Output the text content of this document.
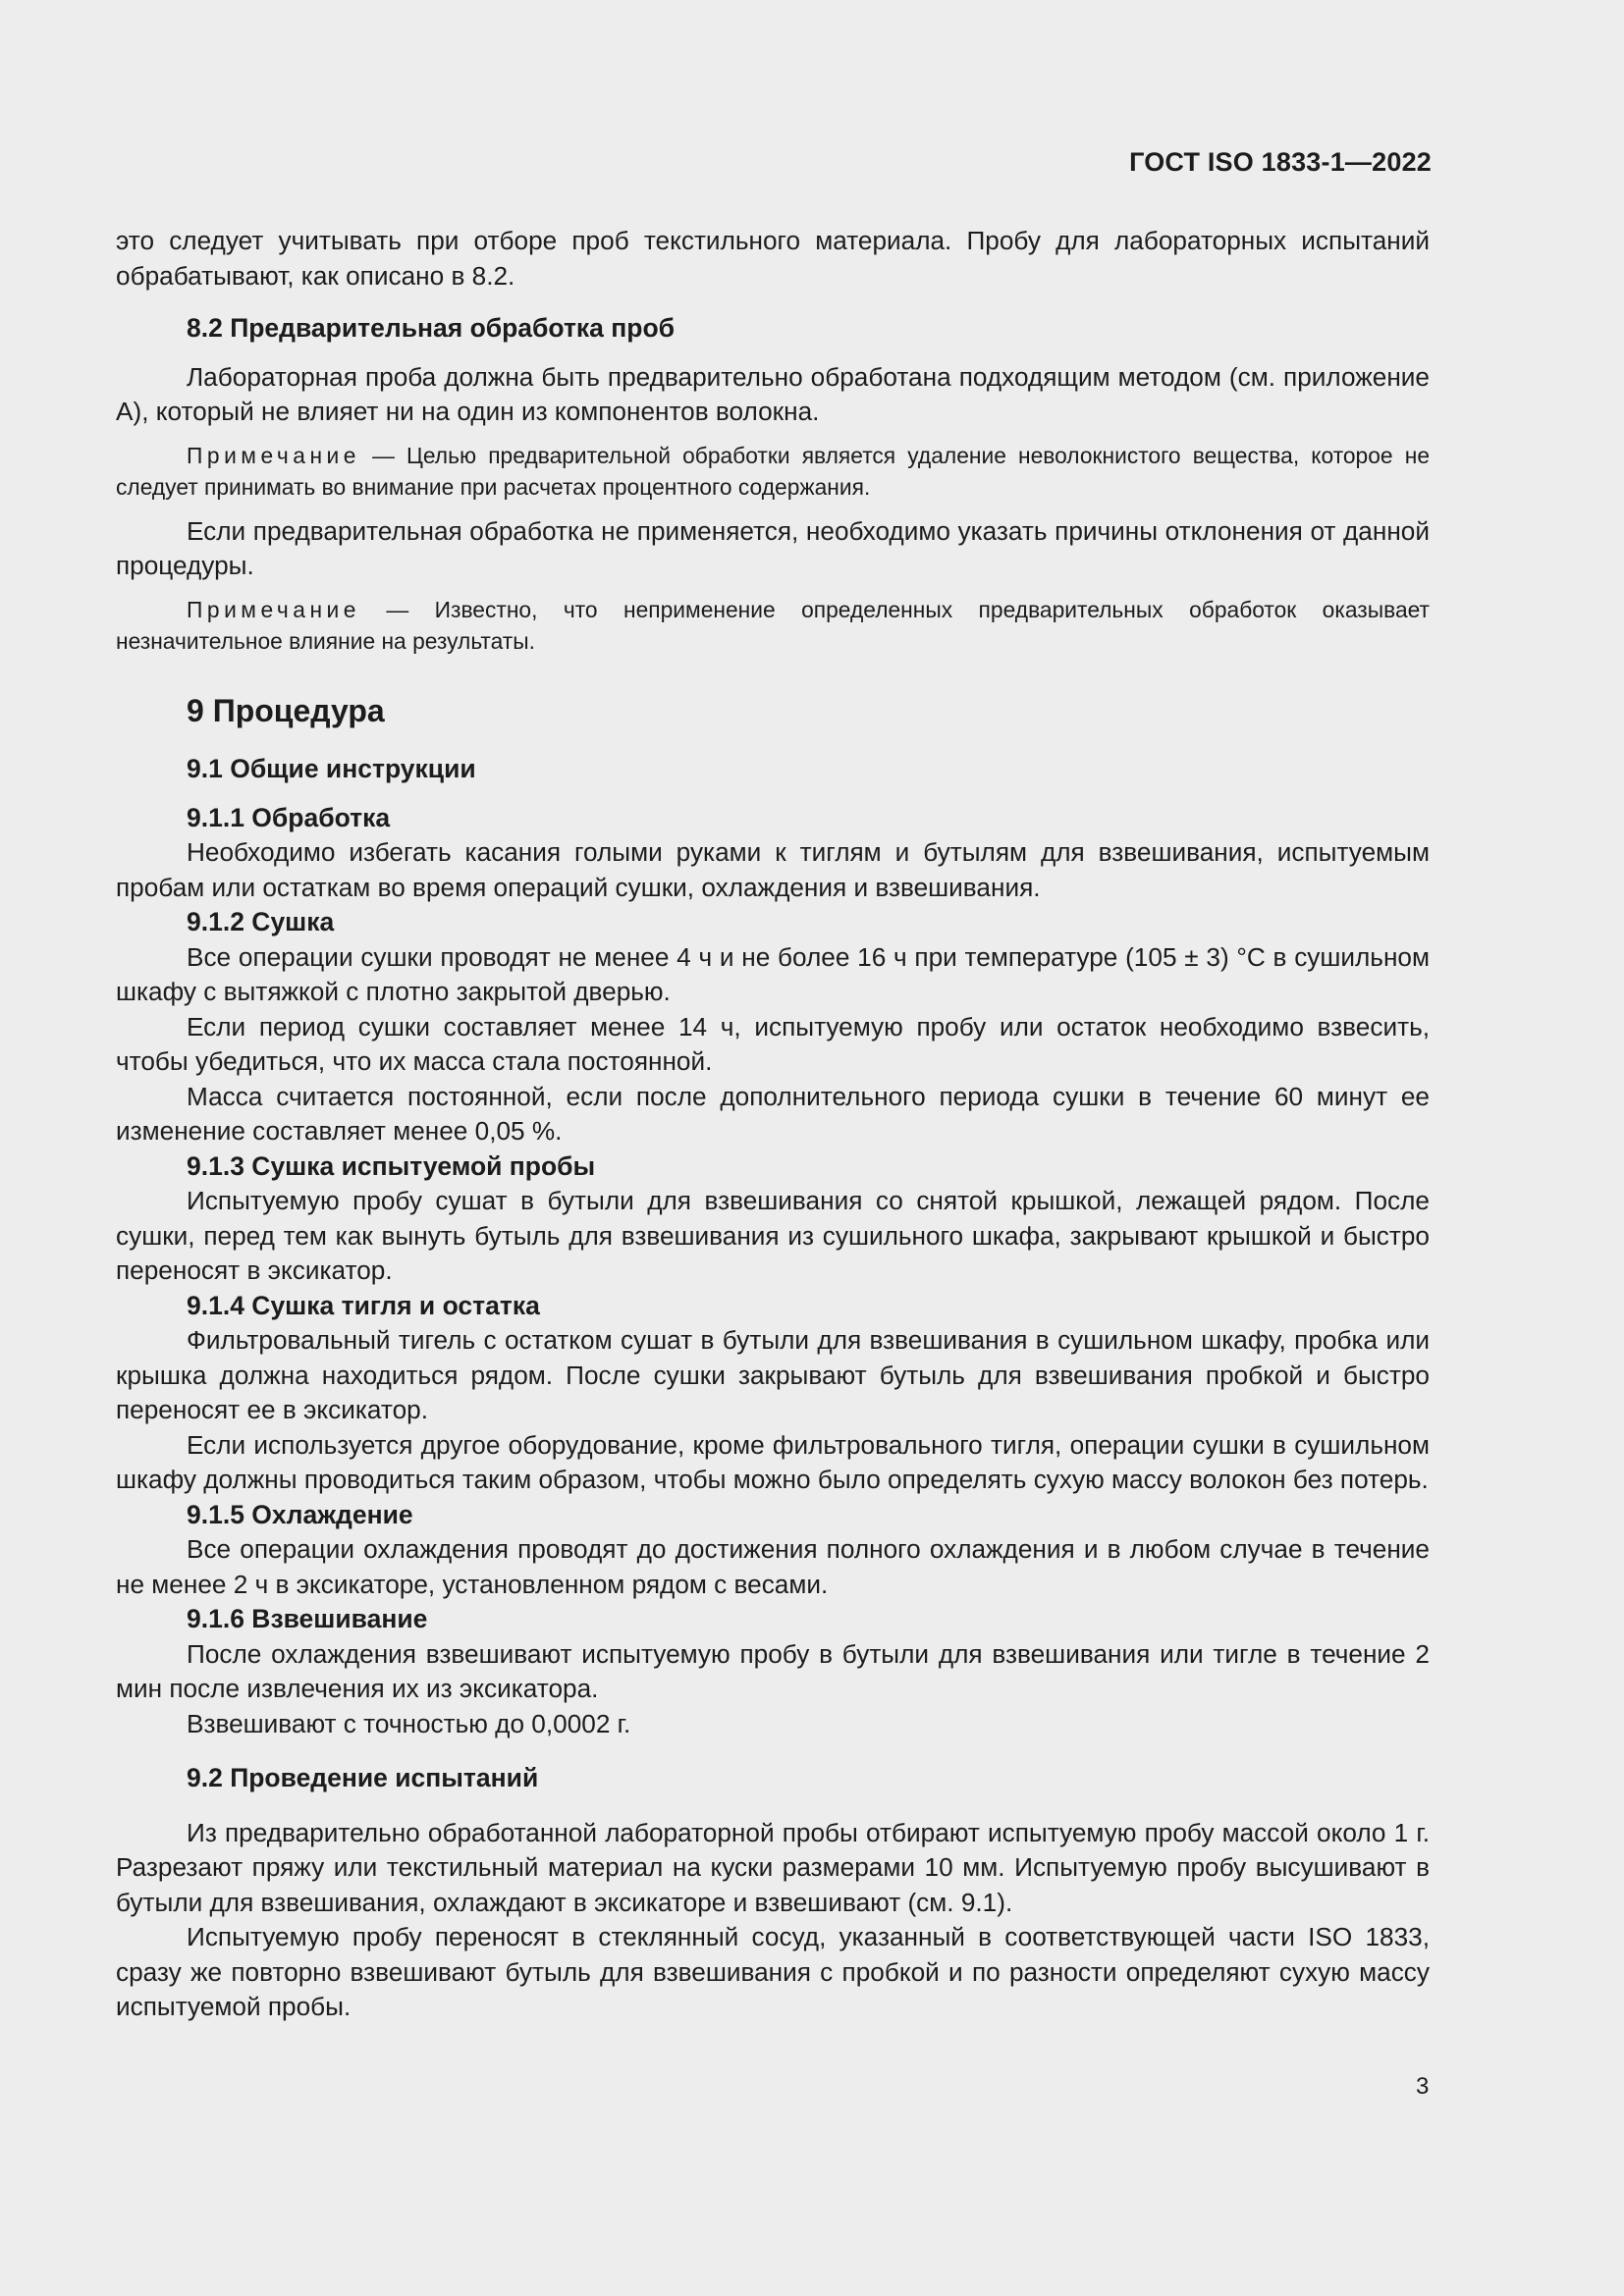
ГОСТ ISO 1833-1—2022

это следует учитывать при отборе проб текстильного материала. Пробу для лабораторных испытаний обрабатывают, как описано в 8.2.

8.2 Предварительная обработка проб

Лабораторная проба должна быть предварительно обработана подходящим методом (см. приложение А), который не влияет ни на один из компонентов волокна.

Примечание — Целью предварительной обработки является удаление неволокнистого вещества, которое не следует принимать во внимание при расчетах процентного содержания.

Если предварительная обработка не применяется, необходимо указать причины отклонения от данной процедуры.

Примечание — Известно, что неприменение определенных предварительных обработок оказывает незначительное влияние на результаты.

9 Процедура

9.1 Общие инструкции

9.1.1 Обработка

Необходимо избегать касания голыми руками к тиглям и бутылям для взвешивания, испытуемым пробам или остаткам во время операций сушки, охлаждения и взвешивания.

9.1.2 Сушка

Все операции сушки проводят не менее 4 ч и не более 16 ч при температуре (105 ± 3) °С в сушильном шкафу с вытяжкой с плотно закрытой дверью.

Если период сушки составляет менее 14 ч, испытуемую пробу или остаток необходимо взвесить, чтобы убедиться, что их масса стала постоянной.

Масса считается постоянной, если после дополнительного периода сушки в течение 60 минут ее изменение составляет менее 0,05 %.

9.1.3 Сушка испытуемой пробы

Испытуемую пробу сушат в бутыли для взвешивания со снятой крышкой, лежащей рядом. После сушки, перед тем как вынуть бутыль для взвешивания из сушильного шкафа, закрывают крышкой и быстро переносят в эксикатор.

9.1.4 Сушка тигля и остатка

Фильтровальный тигель с остатком сушат в бутыли для взвешивания в сушильном шкафу, пробка или крышка должна находиться рядом. После сушки закрывают бутыль для взвешивания пробкой и быстро переносят ее в эксикатор.

Если используется другое оборудование, кроме фильтровального тигля, операции сушки в сушильном шкафу должны проводиться таким образом, чтобы можно было определять сухую массу волокон без потерь.

9.1.5 Охлаждение

Все операции охлаждения проводят до достижения полного охлаждения и в любом случае в течение не менее 2 ч в эксикаторе, установленном рядом с весами.

9.1.6 Взвешивание

После охлаждения взвешивают испытуемую пробу в бутыли для взвешивания или тигле в течение 2 мин после извлечения их из эксикатора.

Взвешивают с точностью до 0,0002 г.

9.2 Проведение испытаний

Из предварительно обработанной лабораторной пробы отбирают испытуемую пробу массой около 1 г. Разрезают пряжу или текстильный материал на куски размерами 10 мм. Испытуемую пробу высушивают в бутыли для взвешивания, охлаждают в эксикаторе и взвешивают (см. 9.1).

Испытуемую пробу переносят в стеклянный сосуд, указанный в соответствующей части ISO 1833, сразу же повторно взвешивают бутыль для взвешивания с пробкой и по разности определяют сухую массу испытуемой пробы.

3
